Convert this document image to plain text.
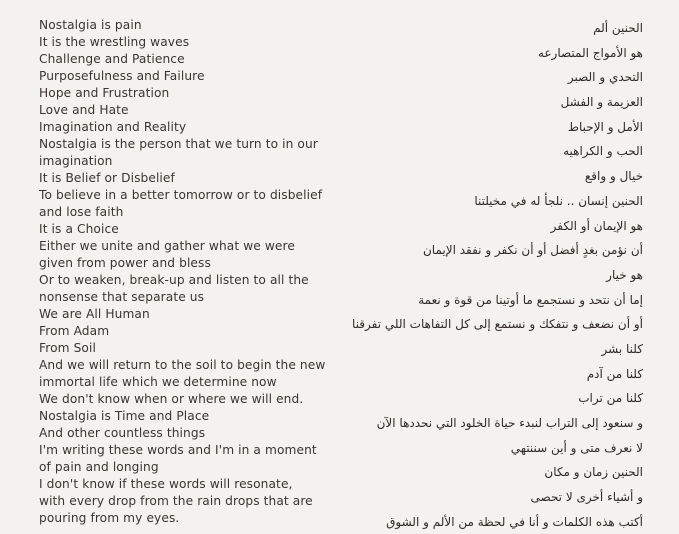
Nostalgia is pain
It is the wrestling waves
Challenge and Patience
Purposefulness and Failure
Hope and Frustration
Love and Hate
Imagination and Reality
Nostalgia is the person that we turn to in our
imagination
It is Belief or Disbelief
To believe in a better tomorrow or to disbelief
and lose faith
It is a Choice
Either we unite and gather what we were
given from power and bless
Or to weaken, break-up and listen to all the
nonsense that separate us
We are All Human
From Adam
From Soil
And we will return to the soil to begin the new
immortal life which we determine now
We don't know when or where we will end.
Nostalgia is Time and Place
And other countless things
I'm writing these words and I'm in a moment
of pain and longing
I don't know if these words will resonate,
with every drop from the rain drops that are
pouring from my eyes.
الحنين ألم
هو الأمواج المتصارعه
التحدي و الصبر
العزيمة و الفشل
الأمل و الإحباط
الحب و الكراهيه
خيال و واقع
الحنين إنسان .. نلجأ له في مخيلتنا
هو الإيمان أو الكفر
أن نؤمن بغدٍ أفضل أو أن نكفر و نفقد الإيمان
هو خيار
إما أن نتحد و نستجمع ما أوتينا من قوة و نعمة
أو أن نضعف و نتفكك و نستمع إلى كل التفاهات اللي تفرقنا
كلنا بشر
كلنا من آدم
كلنا من تراب
و سنعود إلى التراب لنبدء حياة الخلود التي نحددها الآن
لا نعرف متى و أين سننتهي
الحنين زمان و مكان
و أشياء أخرى لا تحصى
أكتب هذه الكلمات و أنا في لحظة من الألم و الشوق
